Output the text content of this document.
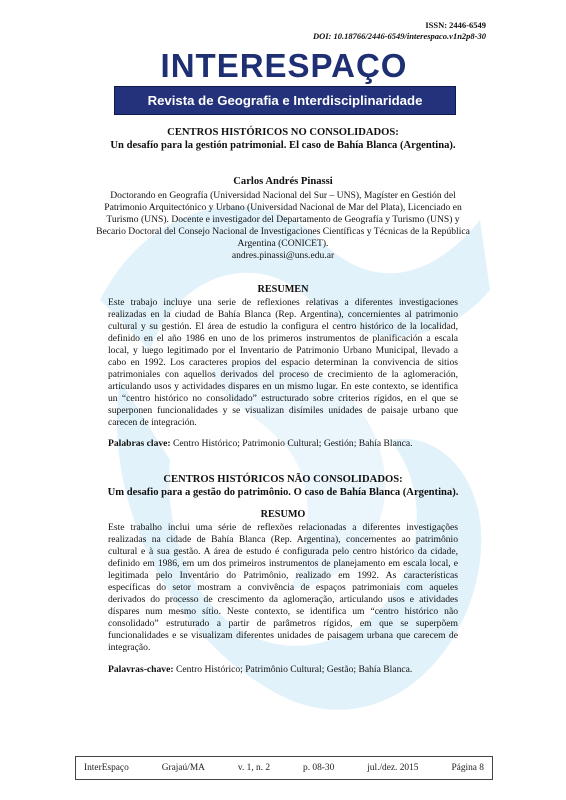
ISSN: 2446-6549
DOI: 10.18766/2446-6549/interespaco.v1n2p8-30
INTERESPAÇO
Revista de Geografia e Interdisciplinaridade
CENTROS HISTÓRICOS NO CONSOLIDADOS:
Un desafío para la gestión patrimonial. El caso de Bahía Blanca (Argentina).
Carlos Andrés Pinassi
Doctorando en Geografía (Universidad Nacional del Sur – UNS), Magíster en Gestión del
Patrimonio Arquitectónico y Urbano (Universidad Nacional de Mar del Plata), Licenciado en
Turismo (UNS). Docente e investigador del Departamento de Geografía y Turismo (UNS) y
Becario Doctoral del Consejo Nacional de Investigaciones Científicas y Técnicas de la República
Argentina (CONICET).
andres.pinassi@uns.edu.ar
RESUMEN

Este trabajo incluye una serie de reflexiones relativas a diferentes investigaciones realizadas en la ciudad de Bahía Blanca (Rep. Argentina), concernientes al patrimonio cultural y su gestión. El área de estudio la configura el centro histórico de la localidad, definido en el año 1986 en uno de los primeros instrumentos de planificación a escala local, y luego legitimado por el Inventario de Patrimonio Urbano Municipal, llevado a cabo en 1992. Los caracteres propios del espacio determinan la convivencia de sitios patrimoniales con aquellos derivados del proceso de crecimiento de la aglomeración, articulando usos y actividades dispares en un mismo lugar. En este contexto, se identifica un “centro histórico no consolidado” estructurado sobre criterios rígidos, en el que se superponen funcionalidades y se visualizan disímiles unidades de paisaje urbano que carecen de integración.

Palabras clave: Centro Histórico; Patrimonio Cultural; Gestión; Bahía Blanca.
CENTROS HISTÓRICOS NÃO CONSOLIDADOS:
Um desafio para a gestão do patrimônio. O caso de Bahía Blanca (Argentina).
RESUMO

Este trabalho inclui uma série de reflexões relacionadas a diferentes investigações realizadas na cidade de Bahía Blanca (Rep. Argentina), concernentes ao patrimônio cultural e à sua gestão. A área de estudo é configurada pelo centro histórico da cidade, definido em 1986, em um dos primeiros instrumentos de planejamento em escala local, e legitimada pelo Inventário do Patrimônio, realizado em 1992. As características específicas do setor mostram a convivência de espaços patrimoniais com aqueles derivados do processo de crescimento da aglomeração, articulando usos e atividades díspares num mesmo sítio. Neste contexto, se identifica um “centro histórico não consolidado” estruturado a partir de parâmetros rígidos, em que se superpõem funcionalidades e se visualizam diferentes unidades de paisagem urbana que carecem de integração.

Palavras-chave: Centro Histórico; Patrimônio Cultural; Gestão; Bahía Blanca.
InterEspaço	Grajaú/MA	v. 1, n. 2	p. 08-30	jul./dez. 2015	Página 8
